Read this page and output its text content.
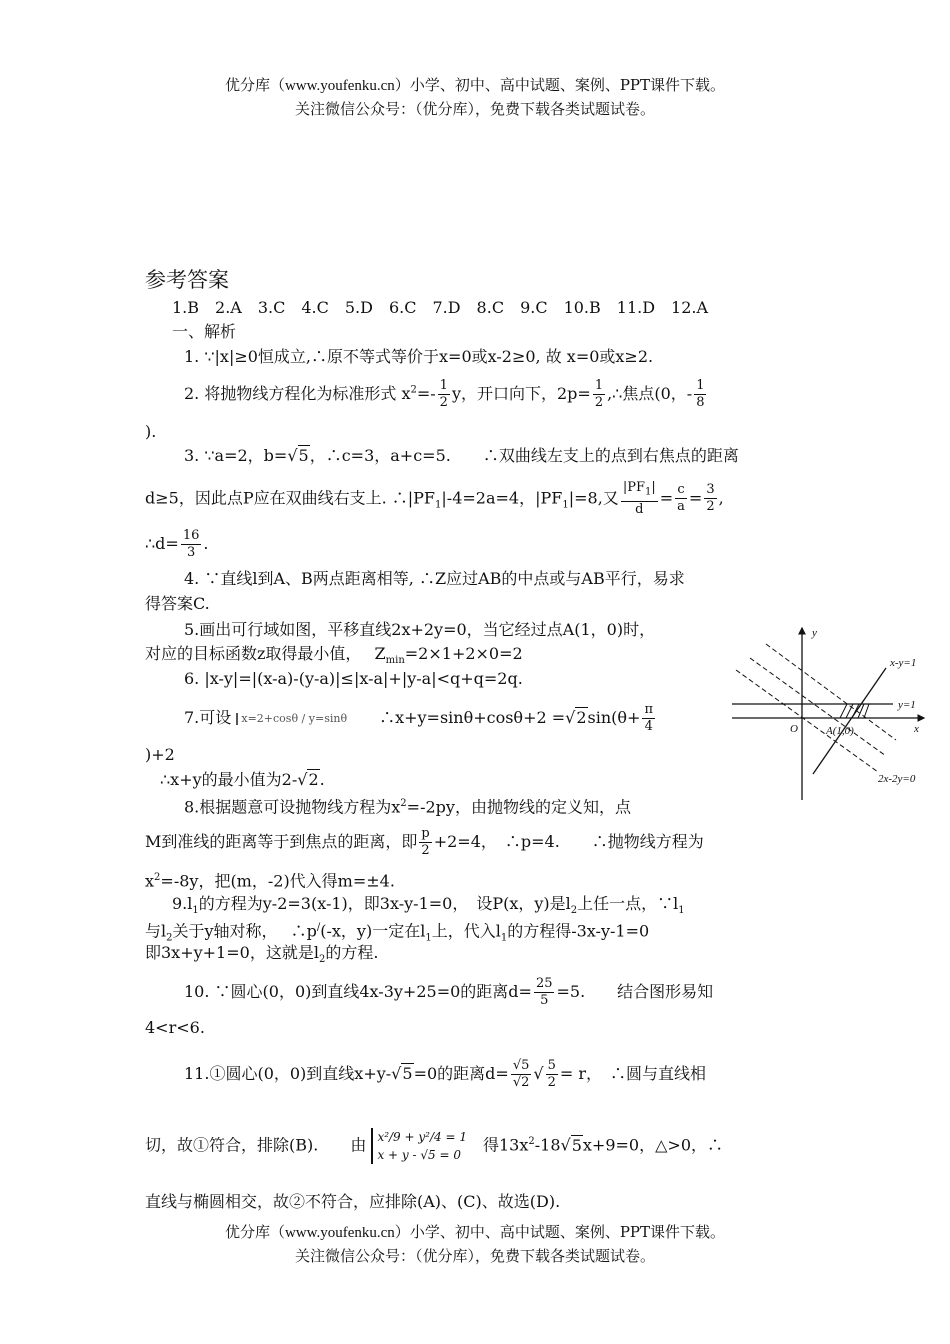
优分库（www.youfenku.cn）小学、初中、高中试题、案例、PPT课件下载。
关注微信公众号：（优分库），免费下载各类试题试卷。
参考答案
1.B　2.A　3.C　4.C　5.D　6.C　7.D　8.C　9.C　10.B　11.D　12.A
一、解析
1. ∵|x|≥0恒成立,∴原不等式等价于x=0或x-2≥0, 故 x=0或x≥2.
2. 将抛物线方程化为标准形式 $x^2=- \frac{1}{2}$ y，开口向下，$2p= \frac{1}{2}$ ,∴焦点(0，- $\frac{1}{8}$
).
3. ∵a=2，b=√5，∴c=3，a+c=5.　　∴双曲线左支上的点到右焦点的距离
d≥5，因此点P应在双曲线右支上. $\therefore|PF_1|-4=2a=4$，$|PF_1|=8$,又 $\frac{|PF_1|}{d} = \frac{c}{a} = \frac{3}{2}$ ,
∴d= $\frac{16}{3}$ .
4. ∵直线l到A、B两点距离相等, ∴Z应过AB的中点或与AB平行，易求
得答案C.
5.画出可行域如图，平移直线2x+2y=0，当它经过点A(1，0)时，
对应的目标函数z取得最小值，　 $Z_{min}=2\times 1+2\times 0=2$
6. |x-y|=|(x-a)-(y-a)|≤|x-a|+|y-a|<q+q=2q.
7.可设 x=2+cosθ / y=sinθ　　 ∴x+y=sinθ+cosθ+2 $=√2\sin(\theta+ \frac{\pi}{4}$
)+2
∴x+y的最小值为2-√2.
8.根据题意可设抛物线方程为$x^2=-2py$，由抛物线的定义知，点
M到准线的距离等于到焦点的距离，即 $\frac{p}{2} +2=4$，　∴p=4.　　∴抛物线方程为
$x^2=-8y$，把(m，-2)代入得m=±4.
$9.l_1$的方程为y-2=3(x-1)，即3x-y-1=0，　设P(x，y)是$l_2$上任一点，$\because l_1$
与$l_2$关于y轴对称，　 ∴p/(-x，y)一定在$l_1$上，代入$l_1$的方程得-3x-y-1=0
即3x+y+1=0，这就是$l_2$的方程.
10. ∵圆心(0，0)到直线4x-3y+25=0的距离$d= \frac{25}{5} =5$.　　结合图形易知
4<r<6.
11.①圆心(0，0)到直线x+y-√5=0的距离$d= \frac{√5}{√2}$ √ $\frac{5}{2} = r$，　∴圆与直线相
切，故①符合，排除(B).　　由 x²/9 + y²/4 = 1
x + y - √5 = 0
　得$13x^2-18√5x+9=0$，△>0，∴
直线与椭圆相交，故②不符合，应排除(A)、(C)、故选(D).
优分库（www.youfenku.cn）小学、初中、高中试题、案例、PPT课件下载。
关注微信公众号：（优分库），免费下载各类试题试卷。
y
x
O	A(1,0)
x-y=1
y=1
2x-2y=0
